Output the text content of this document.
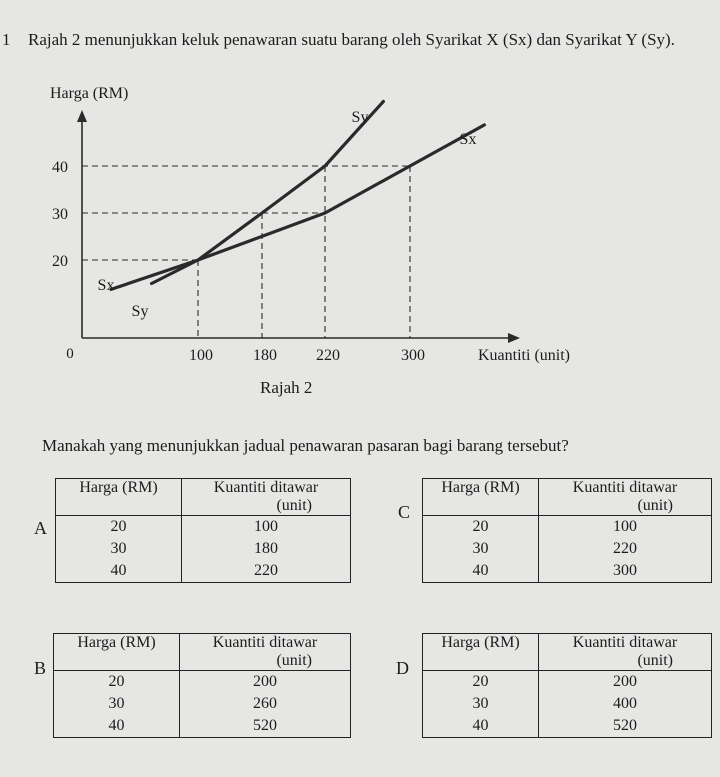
1 Rajah 2 menunjukkan keluk penawaran suatu barang oleh Syarikat X (Sx) dan Syarikat Y (Sy).
Harga (RM)
Kuantiti (unit)
0
20
30
40
100	180 220	300
Sy
Sx
Sx
Sy
Rajah 2
Manakah yang menunjukkan jadual penawaran pasaran bagi barang tersebut?
A
Harga (RM)	Kuantiti ditawar
(unit)

20	100
30	180
40	220
C
Harga (RM)	Kuantiti ditawar
(unit)

20	100
30	220
40	300
B
Harga (RM)	Kuantiti ditawar
(unit)

20	200
30	260
40	520
D
Harga (RM)	Kuantiti ditawar
(unit)

20	200
30	400
40	520
